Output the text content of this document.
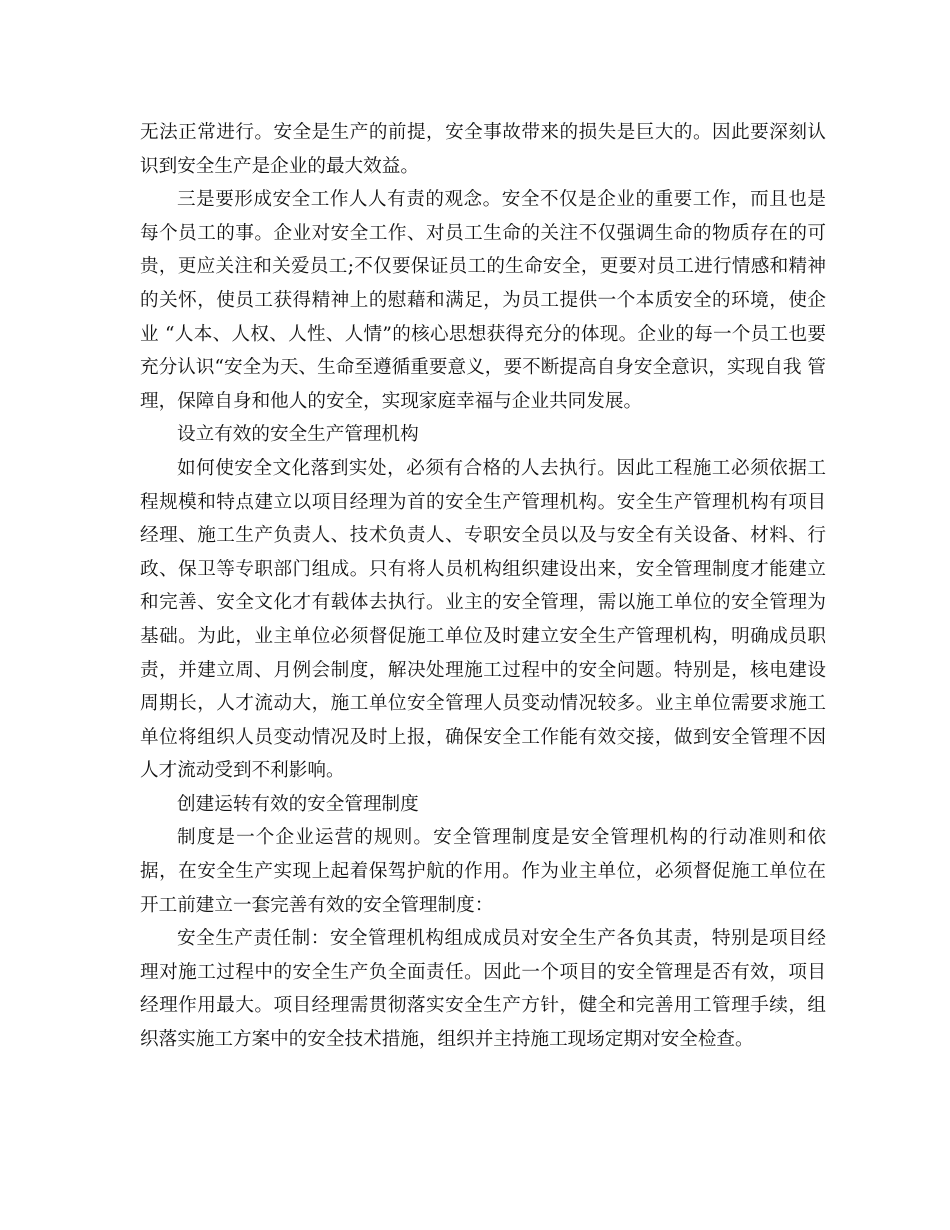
无法正常进行。安全是生产的前提，安全事故带来的损失是巨大的。因此要深刻认识到安全生产是企业的最大效益。

三是要形成安全工作人人有责的观念。安全不仅是企业的重要工作，而且也是每个员工的事。企业对安全工作、对员工生命的关注不仅强调生命的物质存在的可贵，更应关注和关爱员工;不仅要保证员工的生命安全，更要对员工进行情感和精神的关怀，使员工获得精神上的慰藉和满足，为员工提供一个本质安全的环境，使企业 “人本、人权、人性、人情”的核心思想获得充分的体现。企业的每一个员工也要充分认识“安全为天、生命至遵循重要意义，要不断提高自身安全意识，实现自我 管理，保障自身和他人的安全，实现家庭幸福与企业共同发展。

设立有效的安全生产管理机构

如何使安全文化落到实处，必须有合格的人去执行。因此工程施工必须依据工程规模和特点建立以项目经理为首的安全生产管理机构。安全生产管理机构有项目经理、施工生产负责人、技术负责人、专职安全员以及与安全有关设备、材料、行政、保卫等专职部门组成。只有将人员机构组织建设出来，安全管理制度才能建立和完善、安全文化才有载体去执行。业主的安全管理，需以施工单位的安全管理为基础。为此，业主单位必须督促施工单位及时建立安全生产管理机构，明确成员职责，并建立周、月例会制度，解决处理施工过程中的安全问题。特别是，核电建设周期长，人才流动大，施工单位安全管理人员变动情况较多。业主单位需要求施工单位将组织人员变动情况及时上报，确保安全工作能有效交接，做到安全管理不因人才流动受到不利影响。

创建运转有效的安全管理制度

制度是一个企业运营的规则。安全管理制度是安全管理机构的行动准则和依据，在安全生产实现上起着保驾护航的作用。作为业主单位，必须督促施工单位在开工前建立一套完善有效的安全管理制度：

安全生产责任制：安全管理机构组成成员对安全生产各负其责，特别是项目经理对施工过程中的安全生产负全面责任。因此一个项目的安全管理是否有效，项目经理作用最大。项目经理需贯彻落实安全生产方针，健全和完善用工管理手续，组织落实施工方案中的安全技术措施，组织并主持施工现场定期对安全检查。
